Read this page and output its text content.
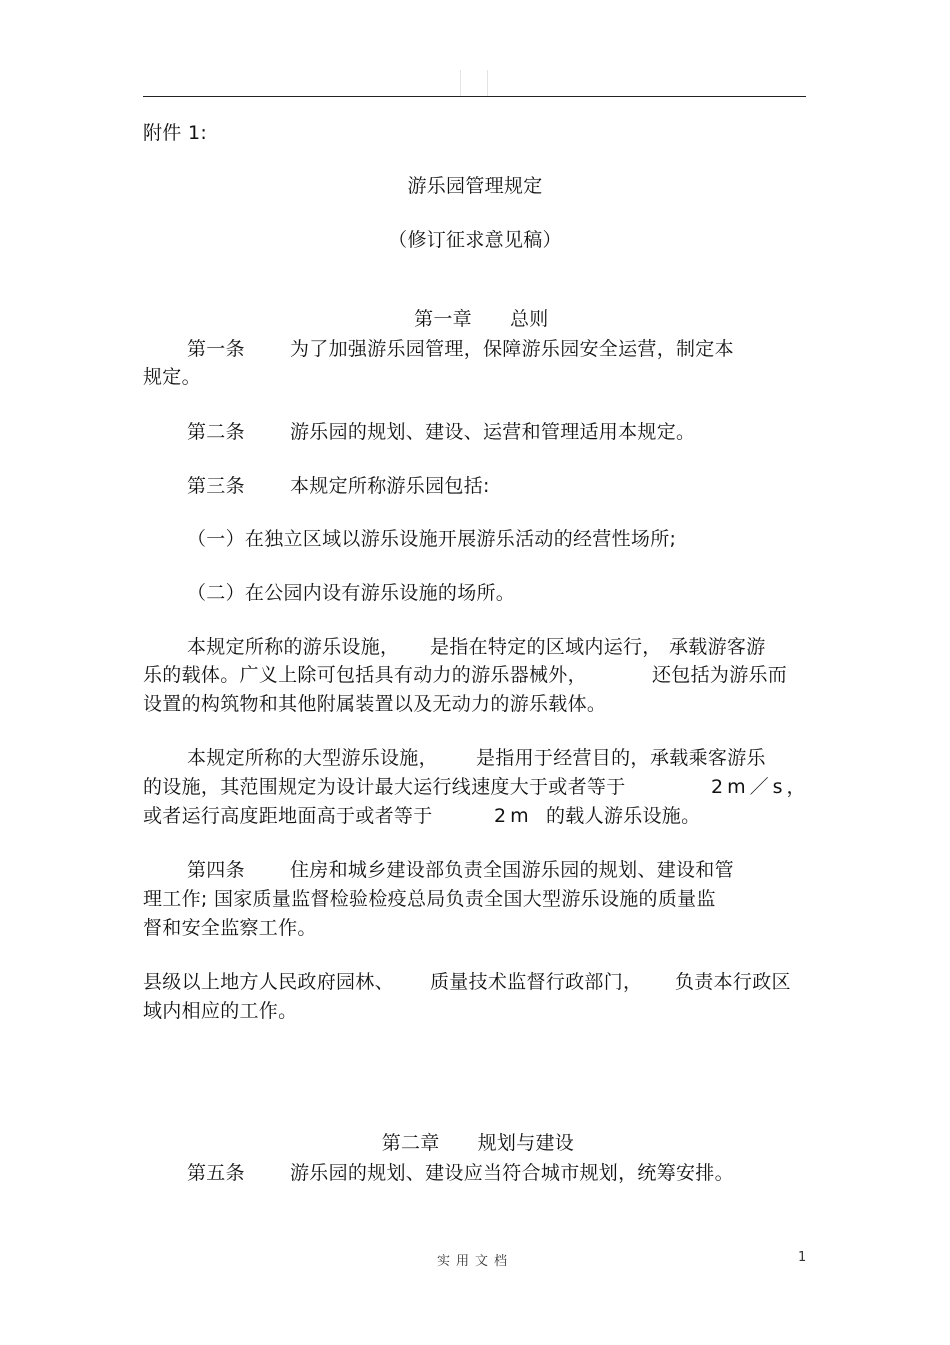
附件 1:
游乐园管理规定
（修订征求意见稿）

第一章 总则

第一条 为了加强游乐园管理，保障游乐园安全运营，制定本
规定。
第二条 游乐园的规划、建设、运营和管理适用本规定。
第三条 本规定所称游乐园包括:
（一）在独立区域以游乐设施开展游乐活动的经营性场所;
（二）在公园内设有游乐设施的场所。
本规定所称的游乐设施， 是指在特定的区域内运行， 承载游客游
乐的载体。广义上除可包括具有动力的游乐器械外，	还包括为游乐而
设置的构筑物和其他附属装置以及无动力的游乐载体。
本规定所称的大型游乐设施， 是指用于经营目的， 承载乘客游乐
的设施，其范围规定为设计最大运行线速度大于或者等于	2m／s，
或者运行高度距地面高于或者等于	2m 的载人游乐设施。
第四条 住房和城乡建设部负责全国游乐园的规划、建设和管
理工作; 国家质量监督检验检疫总局负责全国大型游乐设施的质量监
督和安全监察工作。
县级以上地方人民政府园林、 质量技术监督行政部门， 负责本行政区
域内相应的工作。

第二章 规划与建设

第五条 游乐园的规划、建设应当符合城市规划，统筹安排。
实用文档	1
